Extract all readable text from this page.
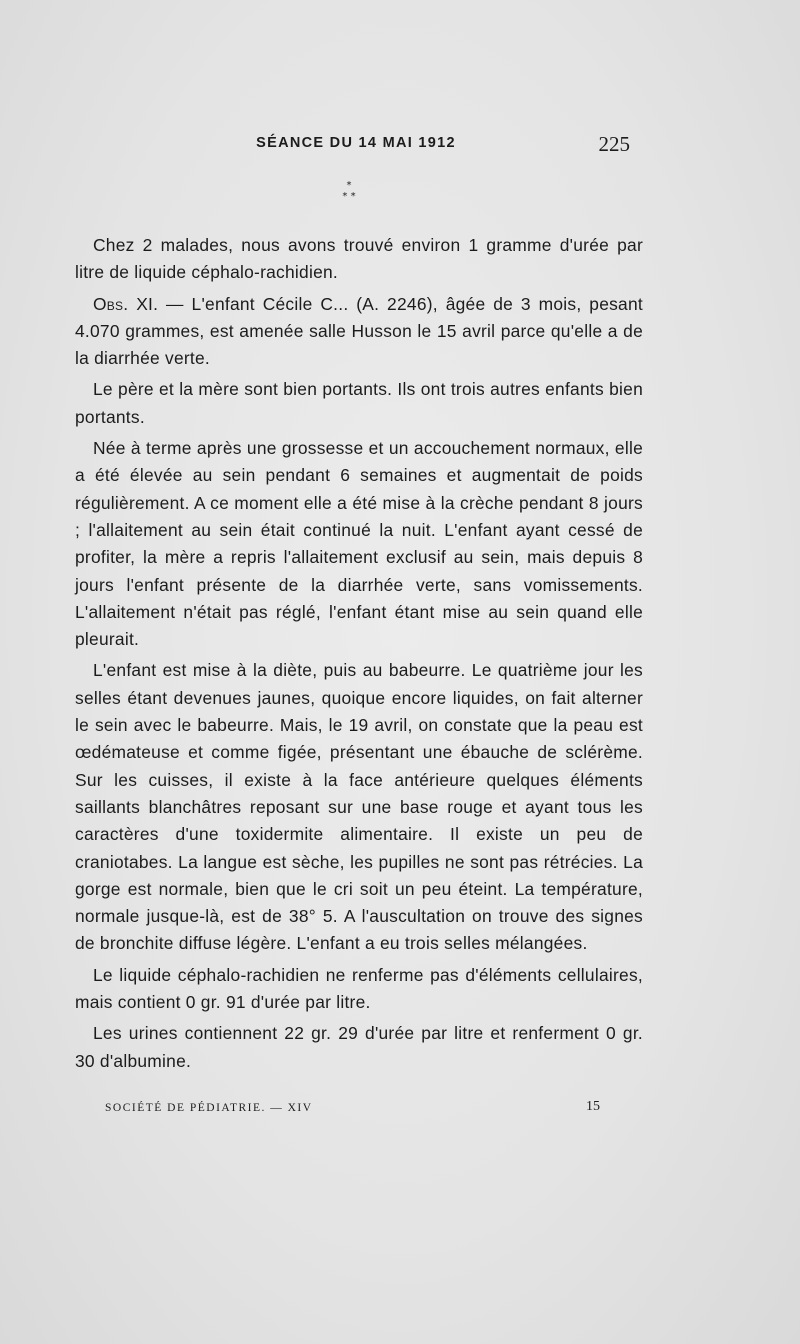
SÉANCE DU 14 MAI 1912	225
*
* *

Chez 2 malades, nous avons trouvé environ 1 gramme d'urée par litre de liquide céphalo-rachidien.

Obs. XI. — L'enfant Cécile C... (A. 2246), âgée de 3 mois, pesant 4.070 grammes, est amenée salle Husson le 15 avril parce qu'elle a de la diarrhée verte.

Le père et la mère sont bien portants. Ils ont trois autres enfants bien portants.

Née à terme après une grossesse et un accouchement normaux, elle a été élevée au sein pendant 6 semaines et augmentait de poids régulièrement. A ce moment elle a été mise à la crèche pendant 8 jours ; l'allaitement au sein était continué la nuit. L'enfant ayant cessé de profiter, la mère a repris l'allaitement exclusif au sein, mais depuis 8 jours l'enfant présente de la diarrhée verte, sans vomissements. L'allaitement n'était pas réglé, l'enfant étant mise au sein quand elle pleurait.

L'enfant est mise à la diète, puis au babeurre. Le quatrième jour les selles étant devenues jaunes, quoique encore liquides, on fait alterner le sein avec le babeurre. Mais, le 19 avril, on constate que la peau est œdémateuse et comme figée, présentant une ébauche de sclérème. Sur les cuisses, il existe à la face antérieure quelques éléments saillants blanchâtres reposant sur une base rouge et ayant tous les caractères d'une toxidermite alimentaire. Il existe un peu de craniotabes. La langue est sèche, les pupilles ne sont pas rétrécies. La gorge est normale, bien que le cri soit un peu éteint. La température, normale jusque-là, est de 38° 5. A l'auscultation on trouve des signes de bronchite diffuse légère. L'enfant a eu trois selles mélangées.

Le liquide céphalo-rachidien ne renferme pas d'éléments cellulaires, mais contient 0 gr. 91 d'urée par litre.

Les urines contiennent 22 gr. 29 d'urée par litre et renferment 0 gr. 30 d'albumine.

SOCIÉTÉ DE PÉDIATRIE. — XIV	15
